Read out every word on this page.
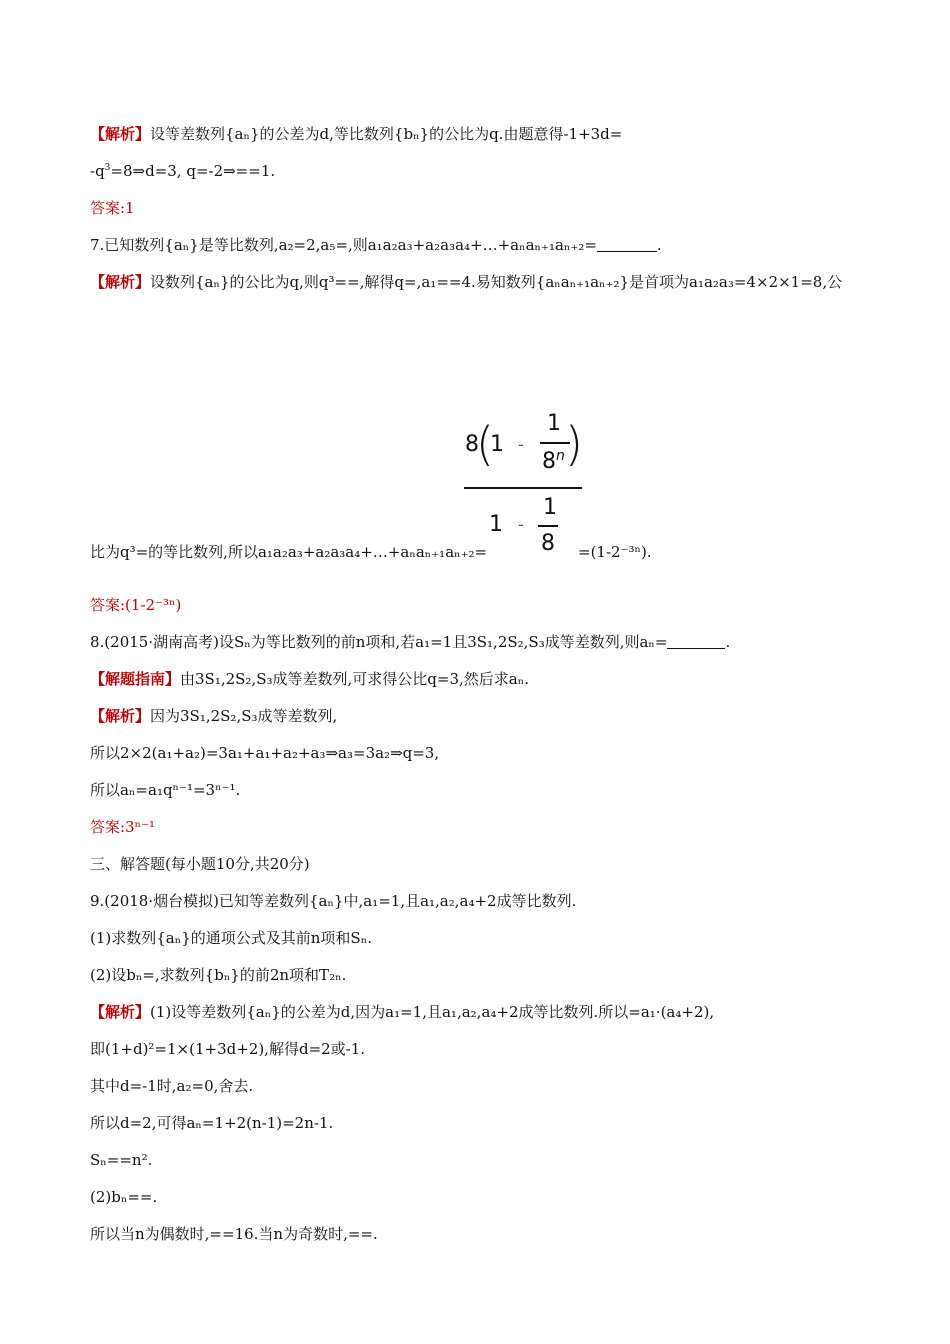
【解析】设等差数列{aₙ}的公差为d,等比数列{bₙ}的公比为q.由题意得-1+3d=
$-q^3=8\Rightarrow d=3$, q=-2⇒==1.
答案:1
7.已知数列{aₙ}是等比数列,a₂=2,a₅=,则a₁a₂a₃+a₂a₃a₄+…+aₙaₙ₊₁aₙ₊₂=	.
【解析】设数列{aₙ}的公比为q,则q³==,解得q=,a₁==4.易知数列{aₙaₙ₊₁aₙ₊₂}是首项为a₁a₂a₃=4×2×1=8,公
8
(
1 -
1
8 n )
1 -
1
8
比为q³=的等比数列,所以a₁a₂a₃+a₂a₃a₄+…+aₙaₙ₊₁aₙ₊₂=	=(1-2⁻³ⁿ).
答案:(1-2⁻³ⁿ)
8.(2015·湖南高考)设Sₙ为等比数列的前n项和,若a₁=1且3S₁,2S₂,S₃成等差数列,则aₙ=	.
【解题指南】由3S₁,2S₂,S₃成等差数列,可求得公比q=3,然后求aₙ.
【解析】因为3S₁,2S₂,S₃成等差数列,
所以2×2(a₁+a₂)=3a₁+a₁+a₂+a₃⇒a₃=3a₂⇒q=3,
所以aₙ=a₁qⁿ⁻¹=3ⁿ⁻¹.
答案:3ⁿ⁻¹
三、解答题(每小题10分,共20分)
9.(2018·烟台模拟)已知等差数列{aₙ}中,a₁=1,且a₁,a₂,a₄+2成等比数列.
(1)求数列{aₙ}的通项公式及其前n项和Sₙ.
(2)设bₙ=,求数列{bₙ}的前2n项和T₂ₙ.
【解析】(1)设等差数列{aₙ}的公差为d,因为a₁=1,且a₁,a₂,a₄+2成等比数列.所以=a₁·(a₄+2),
即(1+d)²=1×(1+3d+2),解得d=2或-1.
其中d=-1时,a₂=0,舍去.
所以d=2,可得aₙ=1+2(n-1)=2n-1.
Sₙ==n².
(2)bₙ==.
所以当n为偶数时,==16.当n为奇数时,==.
